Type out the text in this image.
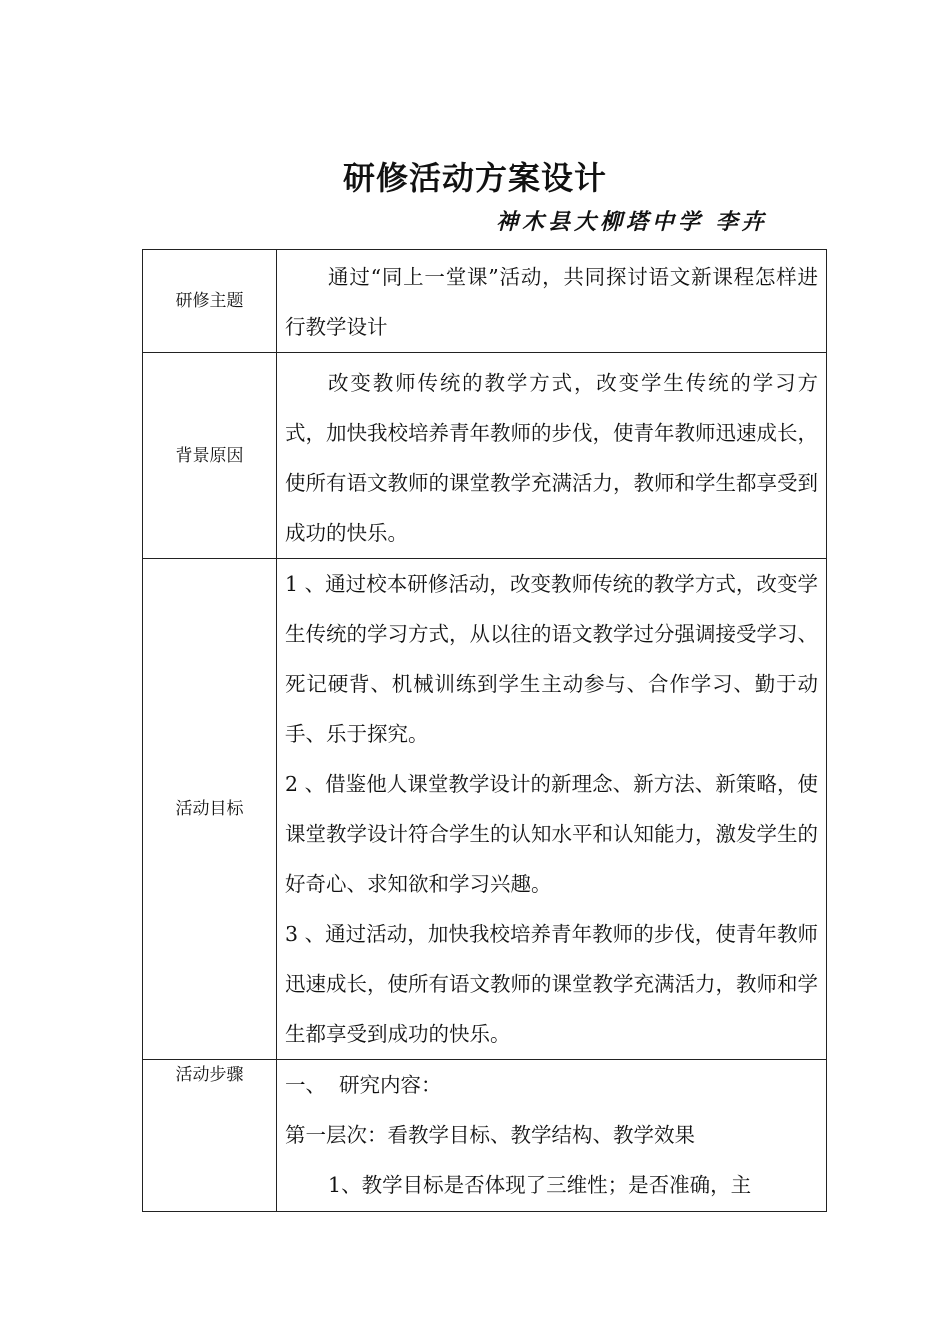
研修活动方案设计
神木县大柳塔中学 李卉
研修主题	通过“同上一堂课”活动，共同探讨语文新课程怎样进行教学设计

背景原因	改变教师传统的教学方式，改变学生传统的学习方式，加快我校培养青年教师的步伐，使青年教师迅速成长，使所有语文教师的课堂教学充满活力，教师和学生都享受到成功的快乐。

活动目标	1 、通过校本研修活动，改变教师传统的教学方式，改变学生传统的学习方式，从以往的语文教学过分强调接受学习、死记硬背、机械训练到学生主动参与、合作学习、勤于动手、乐于探究。

2 、借鉴他人课堂教学设计的新理念、新方法、新策略，使课堂教学设计符合学生的认知水平和认知能力，激发学生的好奇心、求知欲和学习兴趣。

3 、通过活动，加快我校培养青年教师的步伐，使青年教师迅速成长，使所有语文教师的课堂教学充满活力，教师和学生都享受到成功的快乐。

活动步骤	一、  研究内容：

第一层次：看教学目标、教学结构、教学效果

1、教学目标是否体现了三维性；是否准确，主
